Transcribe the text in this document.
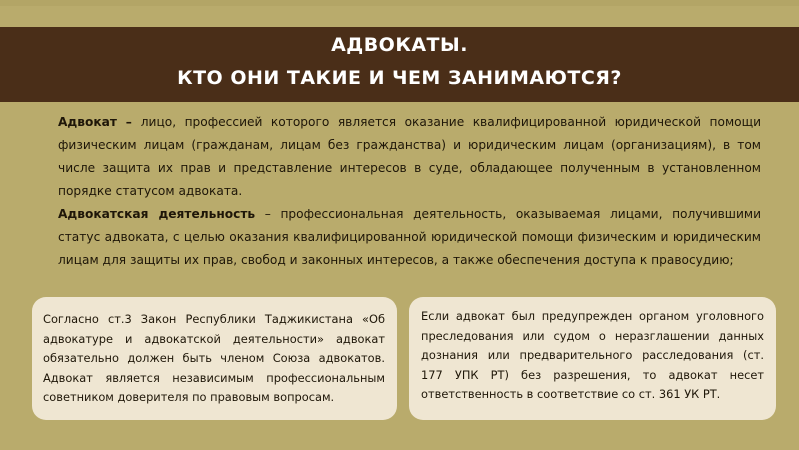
АДВОКАТЫ.
КТО ОНИ ТАКИЕ И ЧЕМ ЗАНИМАЮТСЯ?
Адвокат – лицо, профессией которого является оказание квалифицированной юридической помощи физическим лицам (гражданам, лицам без гражданства) и юридическим лицам (организациям), в том числе защита их прав и представление интересов в суде, обладающее полученным в установленном порядке статусом адвоката.
Адвокатская деятельность – профессиональная деятельность, оказываемая лицами, получившими статус адвоката, с целью оказания квалифицированной юридической помощи физическим и юридическим лицам для защиты их прав, свобод и законных интересов, а также обеспечения доступа к правосудию;
Согласно ст.3 Закон Республики Таджикистана «Об адвокатуре и адвокатской деятельности» адвокат обязательно должен быть членом Союза адвокатов. Адвокат является независимым профессиональным советником доверителя по правовым вопросам.
Если адвокат был предупрежден органом уголовного преследования или судом о неразглашении данных дознания или предварительного расследования (ст. 177 УПК РТ) без разрешения, то адвокат несет ответственность в соответствие со ст. 361 УК РТ.
